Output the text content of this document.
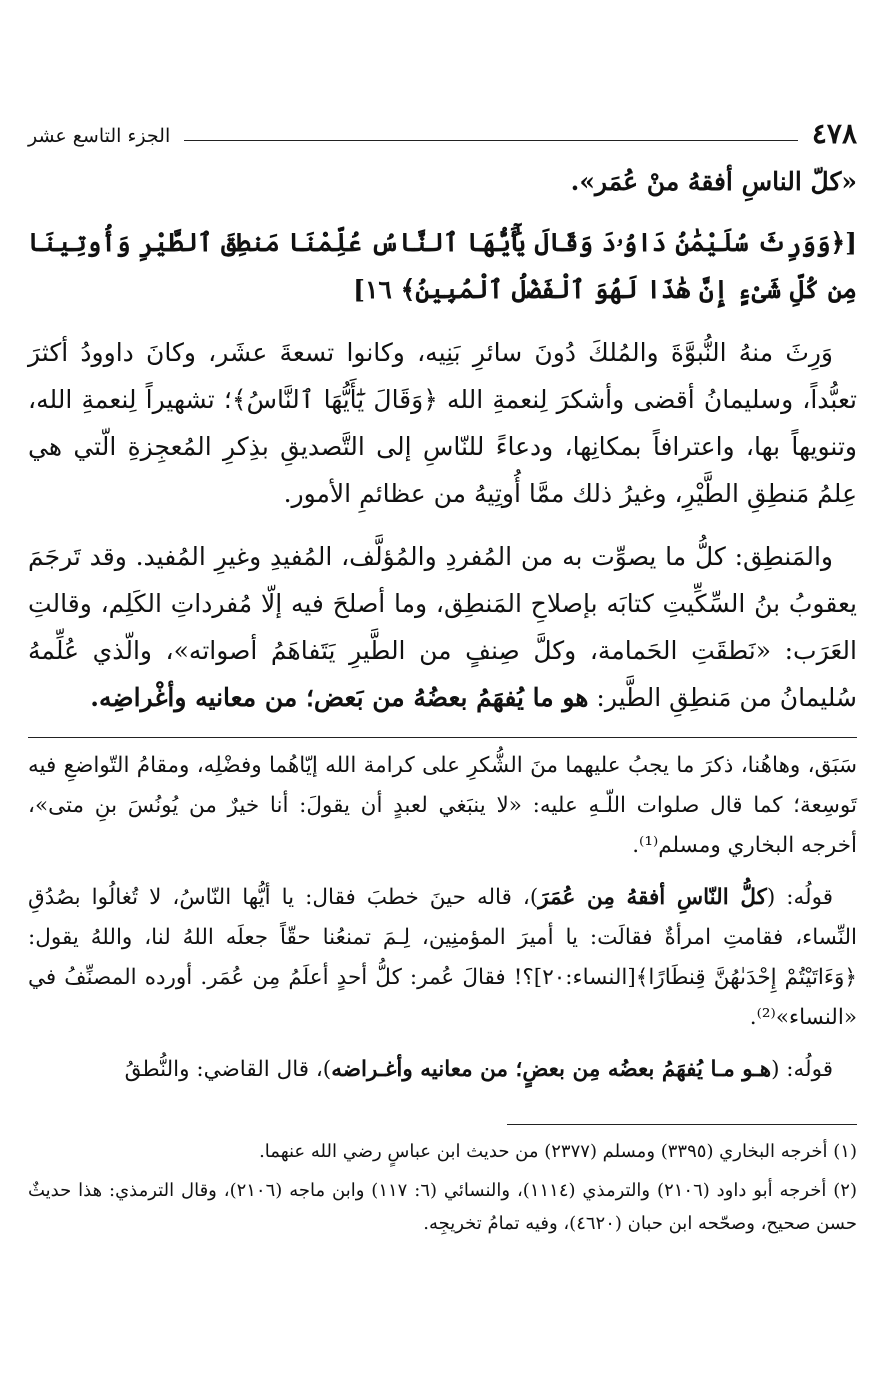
٤٧٨
الجزء التاسع عشر

«كلّ الناسِ أفقهُ منْ عُمَر».

[﴿وَوَرِثَ سُلَيْمَٰنُ دَاوُۥدَ وَقَالَ يَٰٓأَيُّهَا ٱلنَّاسُ عُلِّمْنَا مَنطِقَ ٱلطَّيْرِ وَأُوتِينَا مِن كُلِّ شَىْءٍ إِنَّ هَٰذَا لَهُوَ ٱلْفَضْلُ ٱلْمُبِينُ﴾ ١٦]

وَرِثَ منهُ النُّبوَّةَ والمُلكَ دُونَ سائرِ بَنِيه، وكانوا تسعةَ عشَر، وكانَ داوودُ أكثرَ تعبُّداً، وسليمانُ أقضى وأشكرَ لِنعمةِ الله ﴿وَقَالَ يَٰٓأَيُّهَا ٱلنَّاسُ﴾؛ تشهيراً لِنعمةِ الله، وتنويهاً بها، واعترافاً بمكانِها، ودعاءً للنّاسِ إلى التَّصديقِ بذِكرِ المُعجِزةِ الّتي هي عِلمُ مَنطِقِ الطَّيْرِ، وغيرُ ذلك ممَّا أُوتِيهُ من عظائمِ الأمور.

والمَنطِق: كلُّ ما يصوِّت به من المُفردِ والمُؤلَّف، المُفيدِ وغيرِ المُفيد. وقد تَرجَمَ يعقوبُ بنُ السِّكِّيتِ كتابَه بإصلاحِ المَنطِق، وما أصلحَ فيه إلّا مُفرداتِ الكَلِم، وقالتِ العَرَب: «نَطقَتِ الحَمامة، وكلَّ صِنفٍ من الطَّيرِ يَتَفاهَمُ أصواته»، والّذي عُلِّمهُ سُليمانُ من مَنطِقِ الطَّير: هو ما يُفهَمُ بعضُهُ من بَعض؛ من معانيه وأغْراضِه.

سَبَق، وهاهُنا، ذكرَ ما يجبُ عليهما منَ الشُّكرِ على كرامة الله إيّاهُما وفضْلِه، ومقامُ التّواضعِ فيه تَوسِعة؛ كما قال صلوات اللّـهِ عليه: «لا ينبَغي لعبدٍ أن يقولَ: أنا خيرٌ من يُونُسَ بنِ متى»، أخرجه البخاري ومسلم⁽¹⁾.

قولُه: (كلُّ النّاسِ أفقهُ مِن عُمَرَ)، قاله حينَ خطبَ فقال: يا أيُّها النّاسُ، لا تُغالُوا بصُدُقِ النِّساء، فقامتِ امرأةٌ فقالَت: يا أميرَ المؤمنِين، لِـمَ تمنعُنا حقّاً جعلَه اللهُ لنا، واللهُ يقول: ﴿وَءَاتَيْتُمْ إِحْدَىٰهُنَّ قِنطَارًا﴾[النساء:٢٠]؟! فقالَ عُمر: كلُّ أحدٍ أعلَمُ مِن عُمَر. أورده المصنِّفُ في «النساء»⁽²⁾.

قولُه: (هـو مـا يُفهَمُ بعضُه مِن بعضٍ؛ من معانيه وأغـراضه)، قال القاضي: والنُّطقُ

(١) أخرجه البخاري (٣٣٩٥) ومسلم (٢٣٧٧) من حديث ابن عباسٍ رضي الله عنهما.

(٢) أخرجه أبو داود (٢١٠٦) والترمذي (١١١٤)، والنسائي (٦: ١١٧) وابن ماجه (٢١٠٦)، وقال الترمذي: هذا حديثٌ حسن صحيح، وصحّحه ابن حبان (٤٦٢٠)، وفيه تمامُ تخريجِه.
